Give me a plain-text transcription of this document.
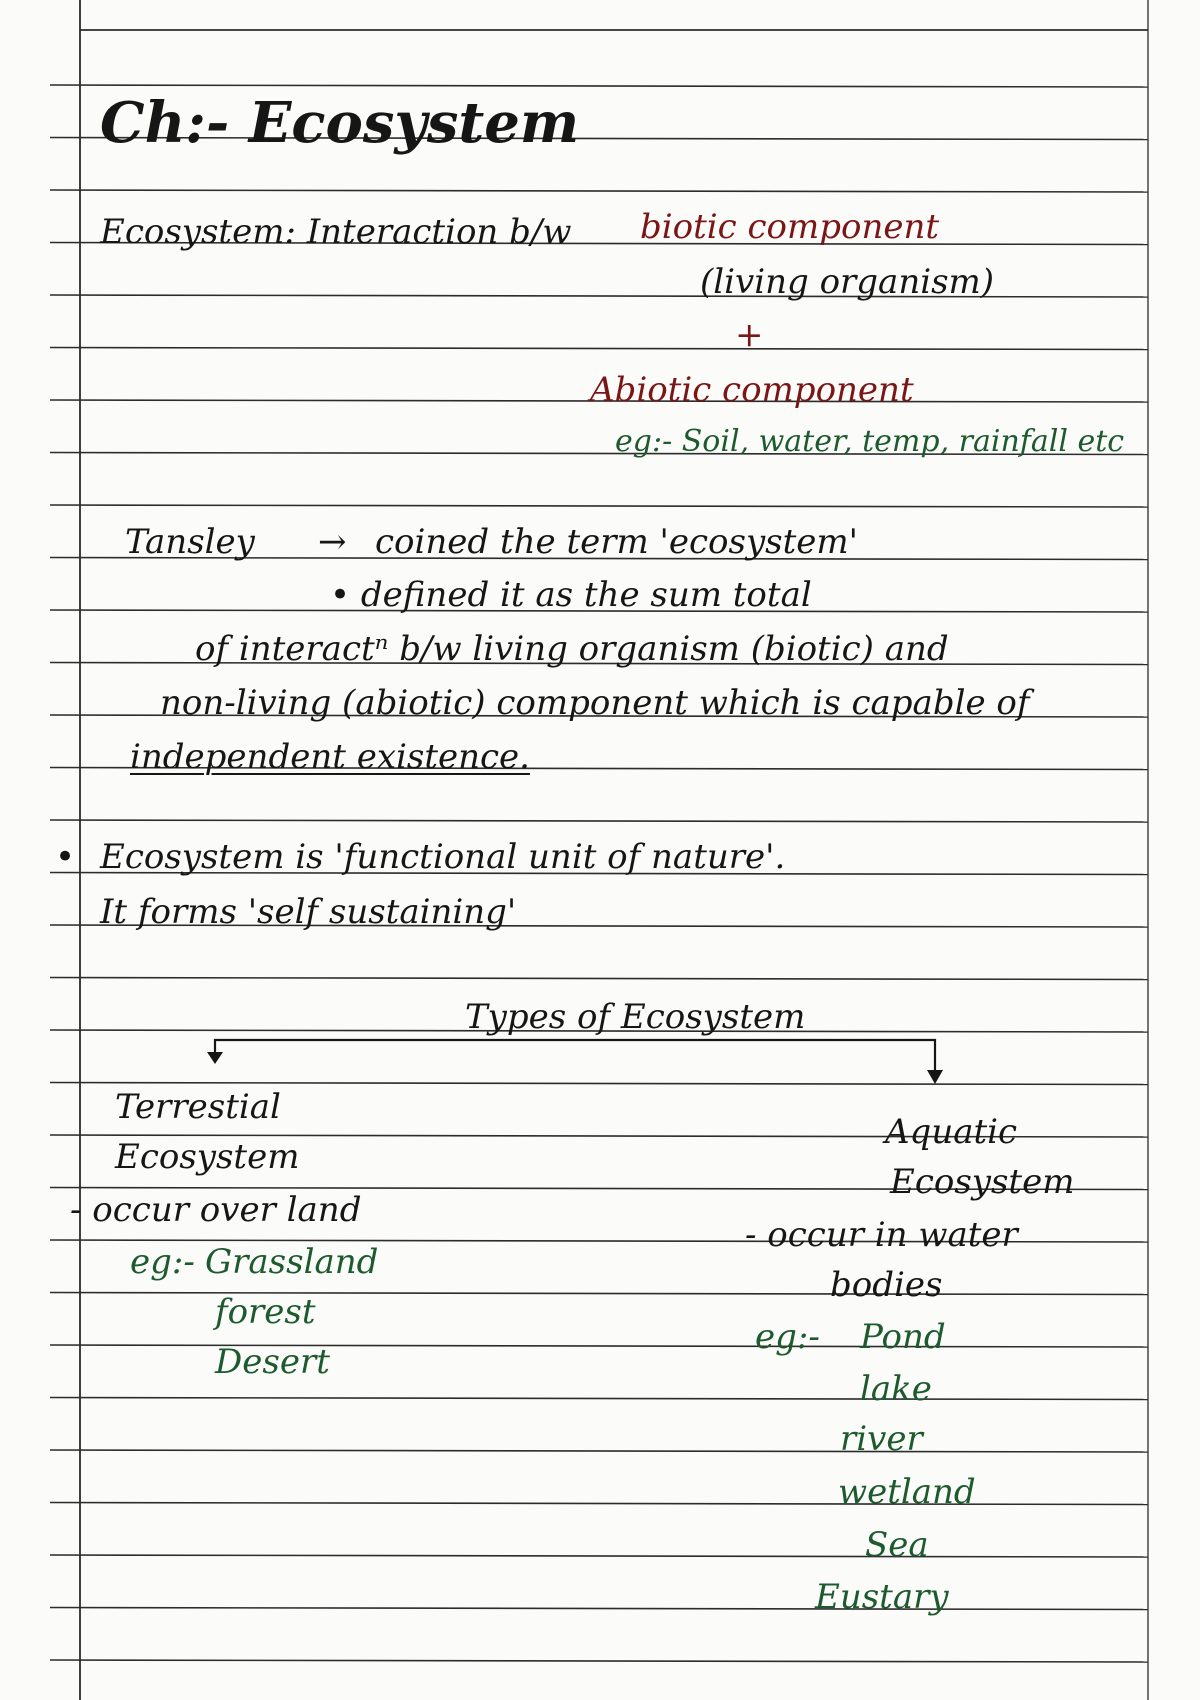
Ch:- Ecosystem
Ecosystem: Interaction b/w biotic component
(living organism)
+
Abiotic component
eg:- Soil, water, temp, rainfall etc
Tansley → coined the term 'ecosystem'
• defined it as the sum total
of interactⁿ b/w living organism (biotic) and
non-living (abiotic) component which is capable of
independent existence.
• Ecosystem is 'functional unit of nature'.
It forms 'self sustaining'
Types of Ecosystem
Terrestial
Ecosystem
- occur over land
eg:- Grassland
forest
Desert
Aquatic
Ecosystem
- occur in water
bodies
eg:- Pond
lake
river
wetland
Sea
Eustary
